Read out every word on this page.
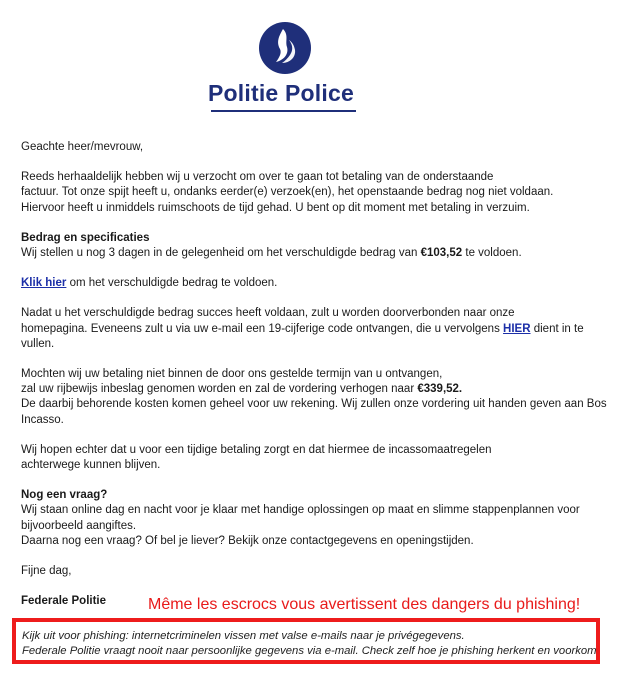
Politie Police

Geachte heer/mevrouw,

Reeds herhaaldelijk hebben wij u verzocht om over te gaan tot betaling van de onderstaande
factuur. Tot onze spijt heeft u, ondanks eerder(e) verzoek(en), het openstaande bedrag nog niet voldaan.
Hiervoor heeft u inmiddels ruimschoots de tijd gehad. U bent op dit moment met betaling in verzuim.

Bedrag en specificaties

Wij stellen u nog 3 dagen in de gelegenheid om het verschuldigde bedrag van €103,52 te voldoen.

Klik hier om het verschuldigde bedrag te voldoen.

Nadat u het verschuldigde bedrag succes heeft voldaan, zult u worden doorverbonden naar onze
homepagina. Eveneens zult u via uw e-mail een 19-cijferige code ontvangen, die u vervolgens HIER dient in te
vullen.

Mochten wij uw betaling niet binnen de door ons gestelde termijn van u ontvangen,
zal uw rijbewijs inbeslag genomen worden en zal de vordering verhogen naar €339,52.
De daarbij behorende kosten komen geheel voor uw rekening. Wij zullen onze vordering uit handen geven aan Bos
Incasso.

Wij hopen echter dat u voor een tijdige betaling zorgt en dat hiermee de incassomaatregelen
achterwege kunnen blijven.

Nog een vraag?

Wij staan online dag en nacht voor je klaar met handige oplossingen op maat en slimme stappenplannen voor
bijvoorbeeld aangiftes.
Daarna nog een vraag? Of bel je liever? Bekijk onze contactgegevens en openingstijden.

Fijne dag,

Federale Politie	Même les escrocs vous avertissent des dangers du phishing!

Kijk uit voor phishing: internetcriminelen vissen met valse e-mails naar je privégegevens.

Federale Politie vraagt nooit naar persoonlijke gegevens via e-mail. Check zelf hoe je phishing herkent en voorkom
